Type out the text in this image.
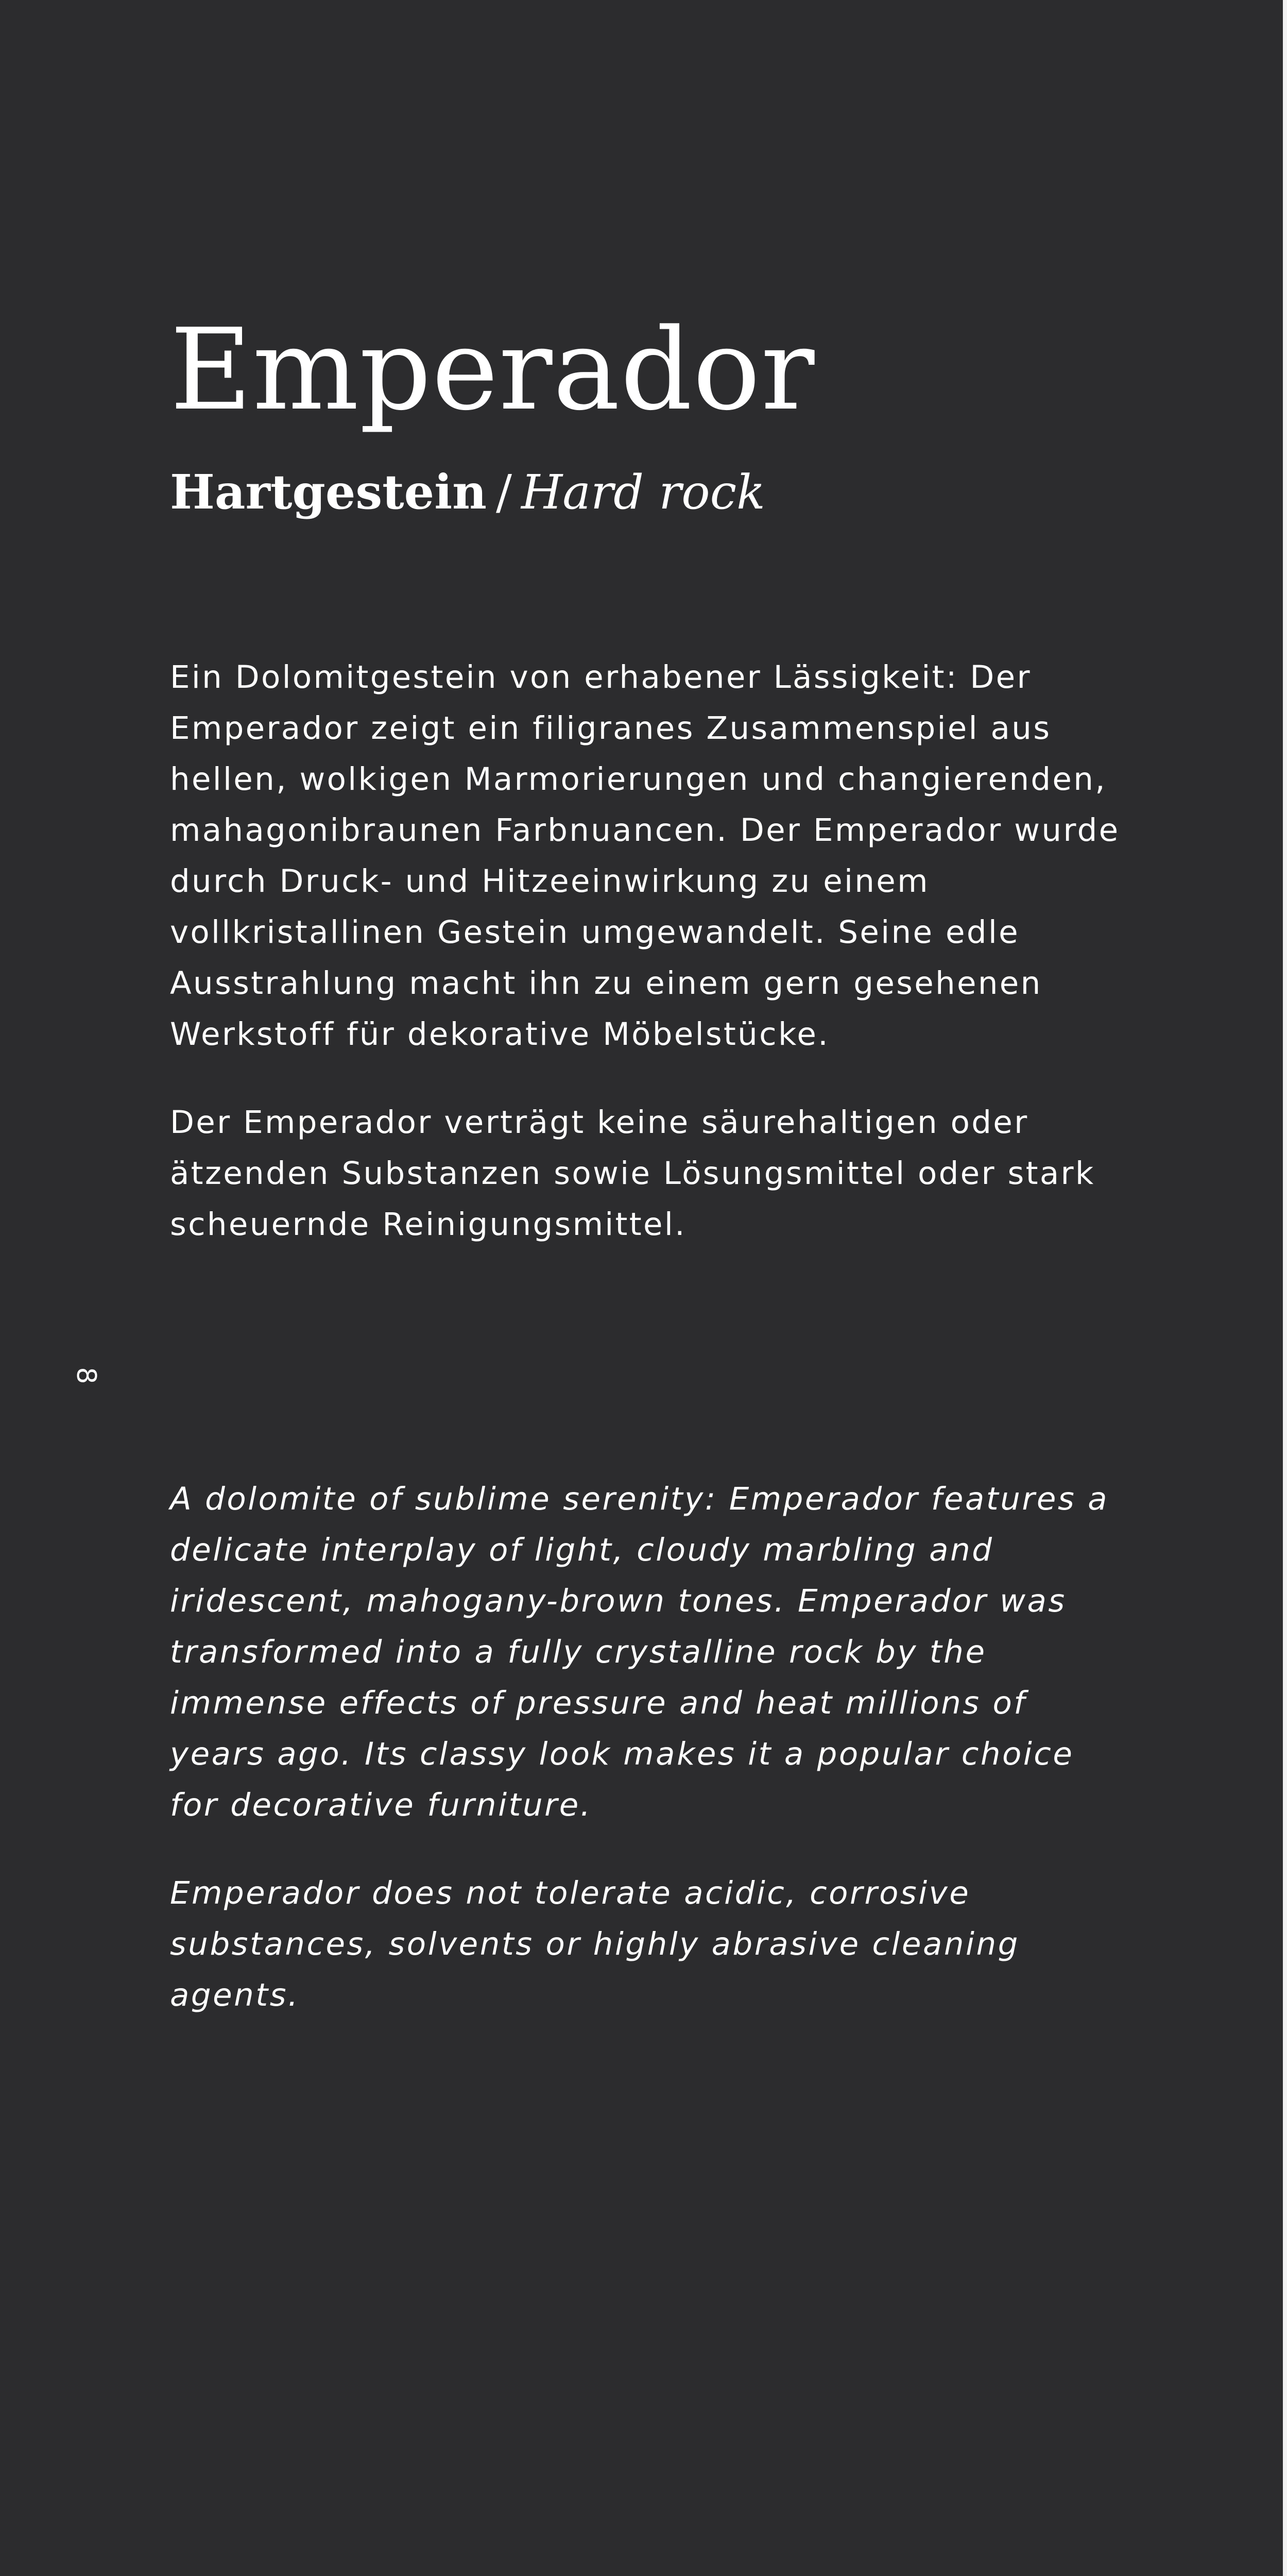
Emperador
Hartgestein / Hard rock

Ein Dolomitgestein von erhabener Lässigkeit: Der Emperador zeigt ein filigranes Zusammenspiel aus hellen, wolkigen Marmorierungen und changierenden, mahagonibraunen Farbnuancen. Der Emperador wurde durch Druck- und Hitzeeinwirkung zu einem vollkristallinen Gestein umgewandelt. Seine edle Ausstrahlung macht ihn zu einem gern gesehenen Werkstoff für dekorative Möbelstücke.

Der Emperador verträgt keine säurehaltigen oder ätzenden Substanzen sowie Lösungsmittel oder stark scheuernde Reinigungsmittel.

8

A dolomite of sublime serenity: Emperador features a delicate interplay of light, cloudy marbling and iridescent, mahogany-brown tones. Emperador was transformed into a fully crystalline rock by the immense effects of pressure and heat millions of years ago. Its classy look makes it a popular choice for decorative furniture.

Emperador does not tolerate acidic, corrosive substances, solvents or highly abrasive cleaning agents.
